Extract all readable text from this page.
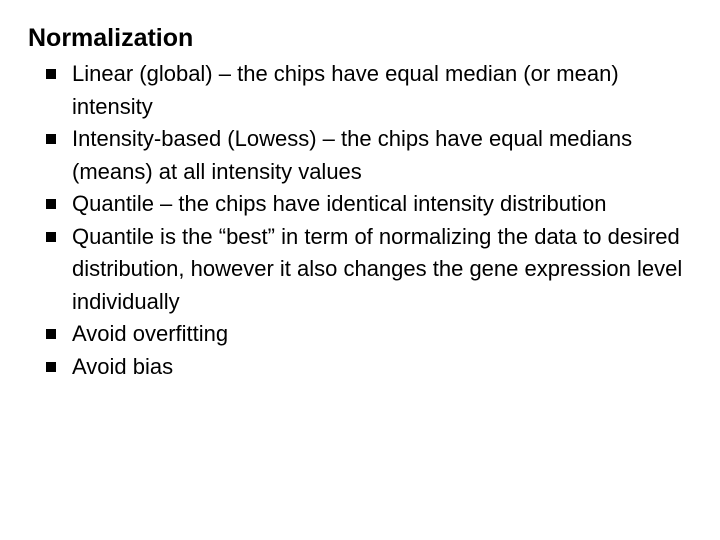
Normalization
Linear (global) – the chips have equal median (or mean) intensity
Intensity-based (Lowess) – the chips have equal medians (means) at all intensity values
Quantile – the chips have identical intensity distribution
Quantile is the “best” in term of normalizing the data to desired distribution, however it also changes the gene expression level individually
Avoid overfitting
Avoid bias
